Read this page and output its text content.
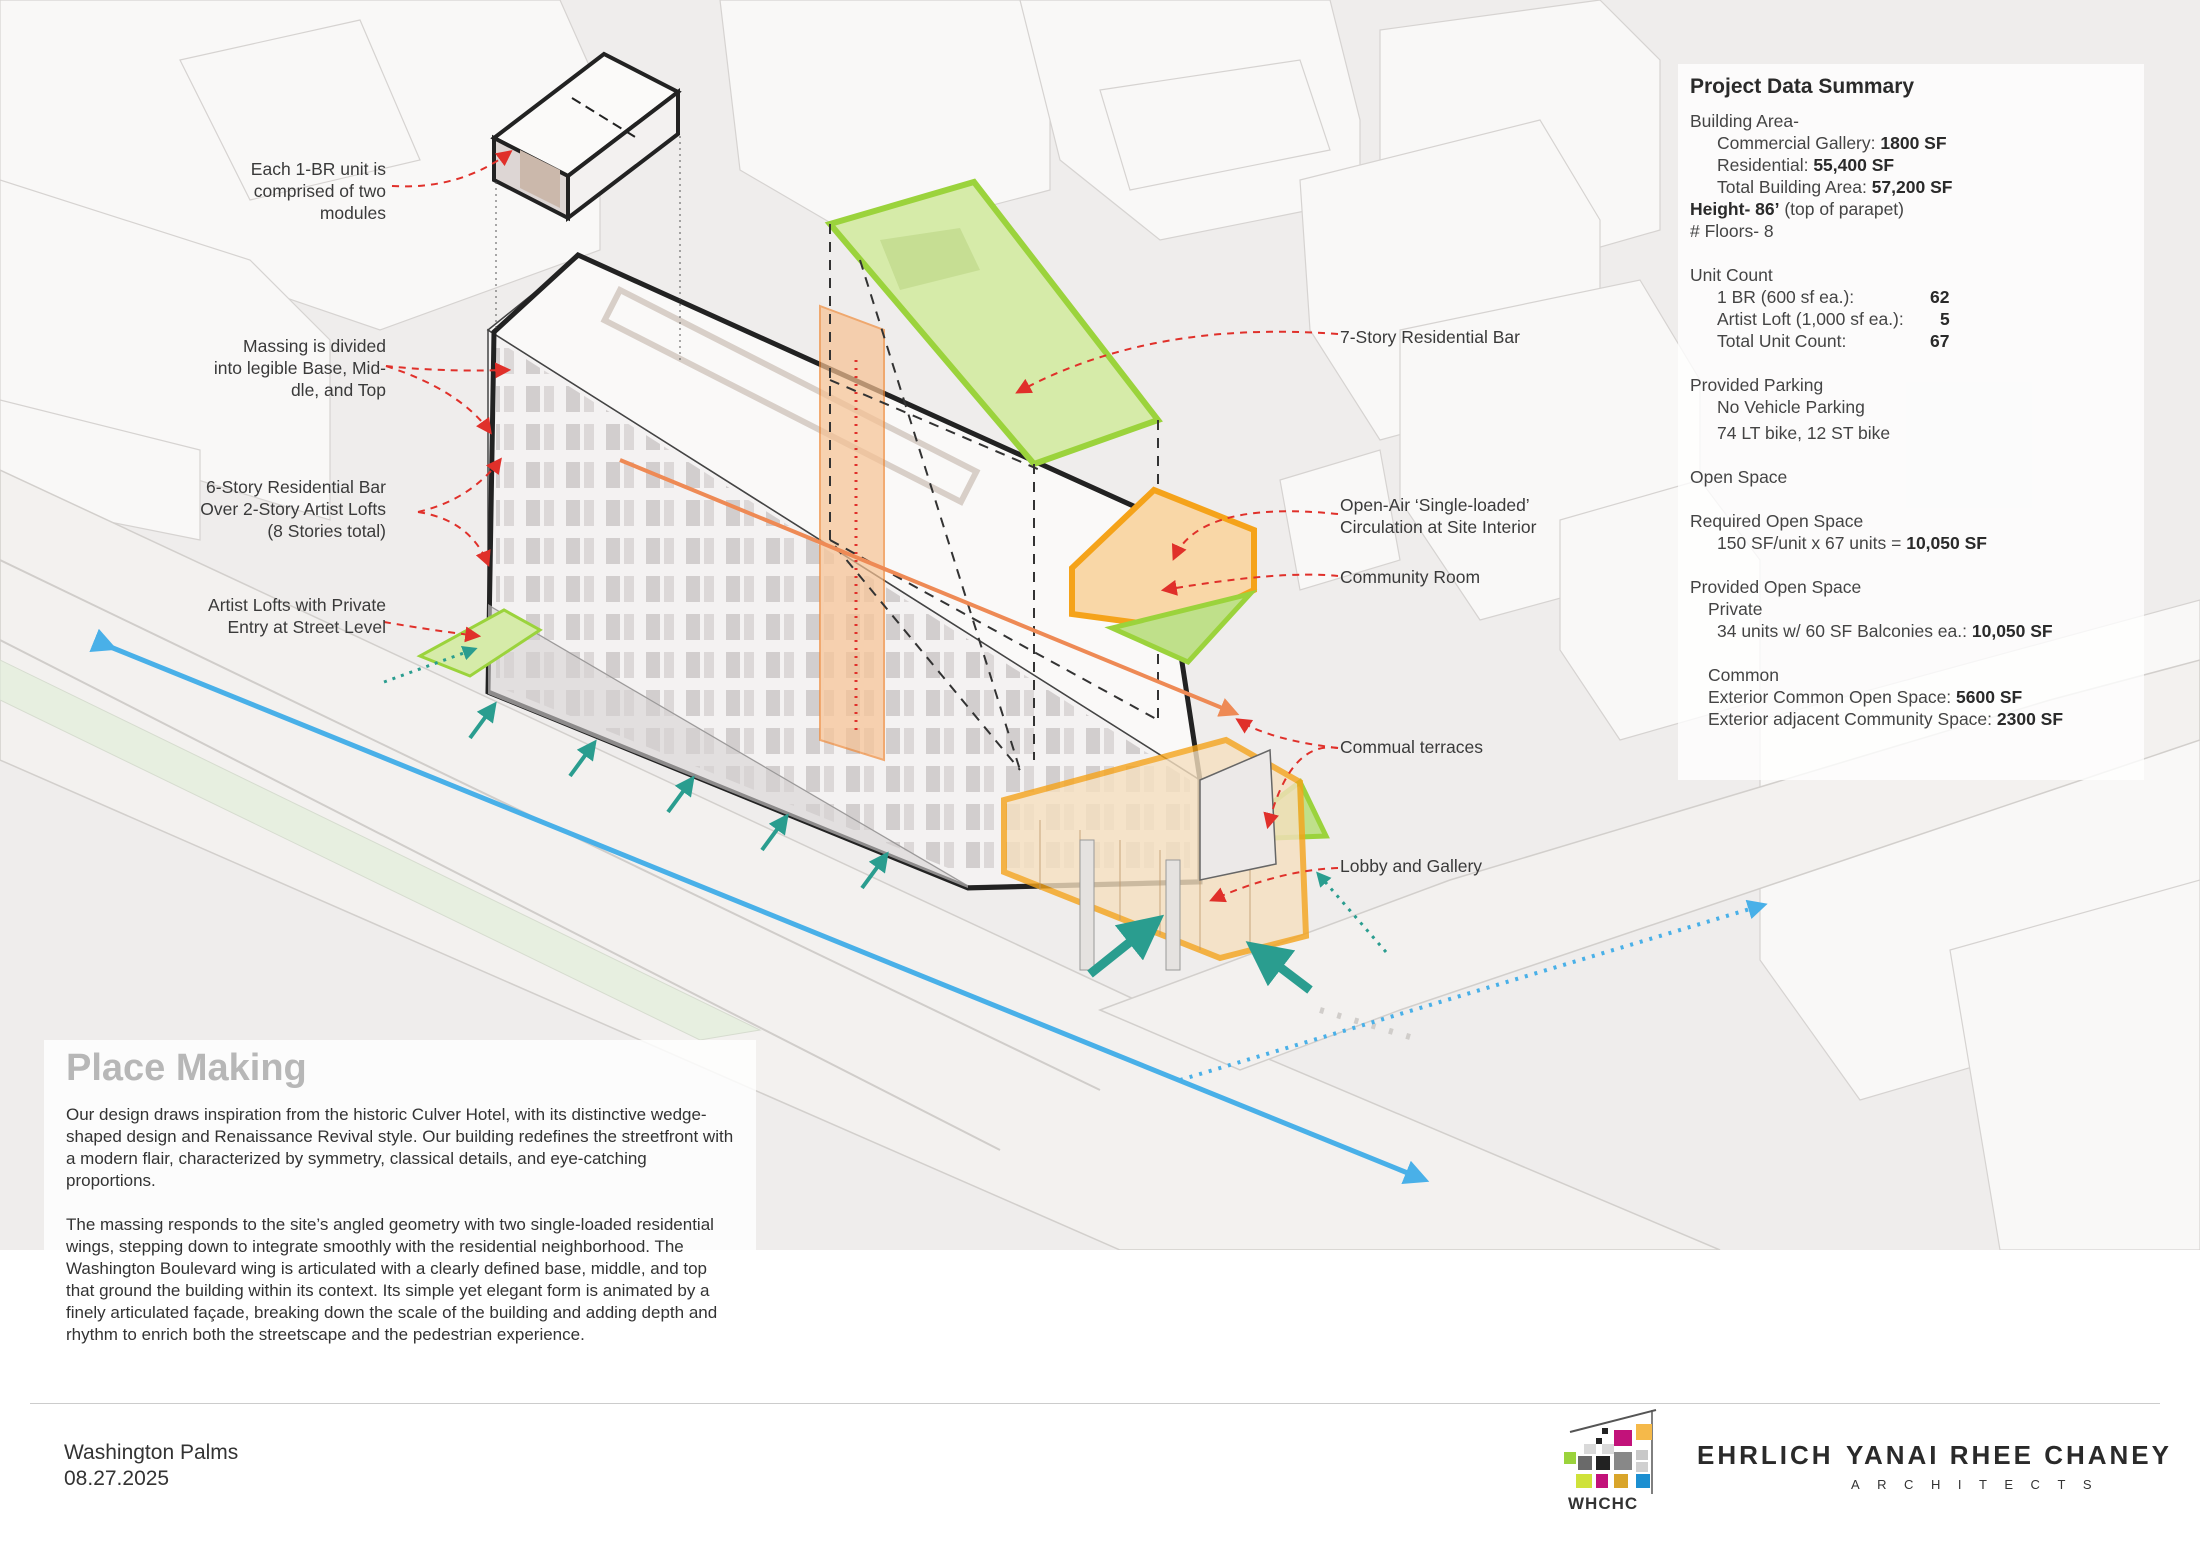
Each 1-BR unit is
comprised of two
modules
Massing is divided
into legible Base, Mid-
dle, and Top
6-Story Residential Bar
Over 2-Story Artist Lofts
(8 Stories total)
Artist Lofts with Private
Entry at Street Level
7-Story Residential Bar
Open-Air ‘Single-loaded’
Circulation at Site Interior
Community Room
Commual terraces
Lobby and Gallery
Project Data Summary
Building Area-
Commercial Gallery: 1800 SF
Residential: 55,400 SF
Total Building Area: 57,200 SF
Height- 86’ (top of parapet)
# Floors- 8
Unit Count
1 BR (600 sf ea.):	62
Artist Loft (1,000 sf ea.): 5
Total Unit Count:	67
Provided Parking
No Vehicle Parking
74 LT bike, 12 ST bike
Open Space
Required Open Space
150 SF/unit x 67 units = 10,050 SF
Provided Open Space
Private
34 units w/ 60 SF Balconies ea.: 10,050 SF
Common
Exterior Common Open Space: 5600 SF
Exterior adjacent Community Space: 2300 SF
Place Making

Our design draws inspiration from the historic Culver Hotel, with its distinctive wedge-shaped design and Renaissance Revival style. Our building redefines the streetfront with a modern flair, characterized by symmetry, classical details, and eye-catching proportions.

The massing responds to the site’s angled geometry with two single-loaded residential wings, stepping down to integrate smoothly with the residential neighborhood. The Washington Boulevard wing is articulated with a clearly defined base, middle, and top that ground the building within its context. Its simple yet elegant form is animated by a finely articulated façade, breaking down the scale of the building and adding depth and rhythm to enrich both the streetscape and the pedestrian experience.

Washington Palms
08.27.2025
WHCHC
EHRLICH YANAI RHEE CHANEY
ARCHITECTS
